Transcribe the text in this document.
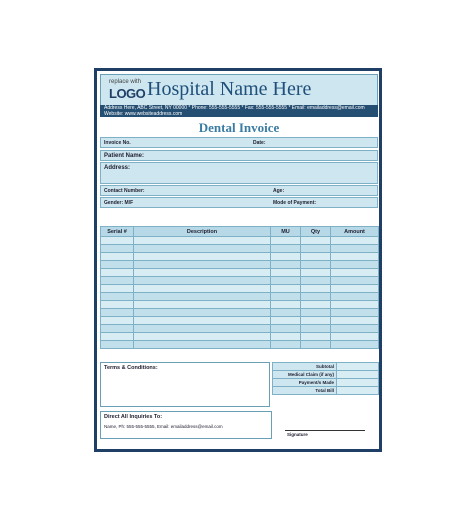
replace with
LOGO Hospital Name Here
Address Here, ABC Street, NY 00000 * Phone: 555-555-5555 * Fax: 555-555-5555 * Email: emailaddress@email.com
Website: www.websiteaddress.com
Dental Invoice
Invoice No.	Date:
Patient Name:
Address:
Contact Number:	Age:
Gender: M/F	Mode of Payment:
Serial #	Description	MU	Qty	Amount

Terms & Conditions:	Subtotal	
Medical Claim (if any)	
Payment/s Made	
Total Bill	
Direct All Inquiries To:
Name, Ph: 555-555-5555, Email: emailaddress@email.com
Signature
